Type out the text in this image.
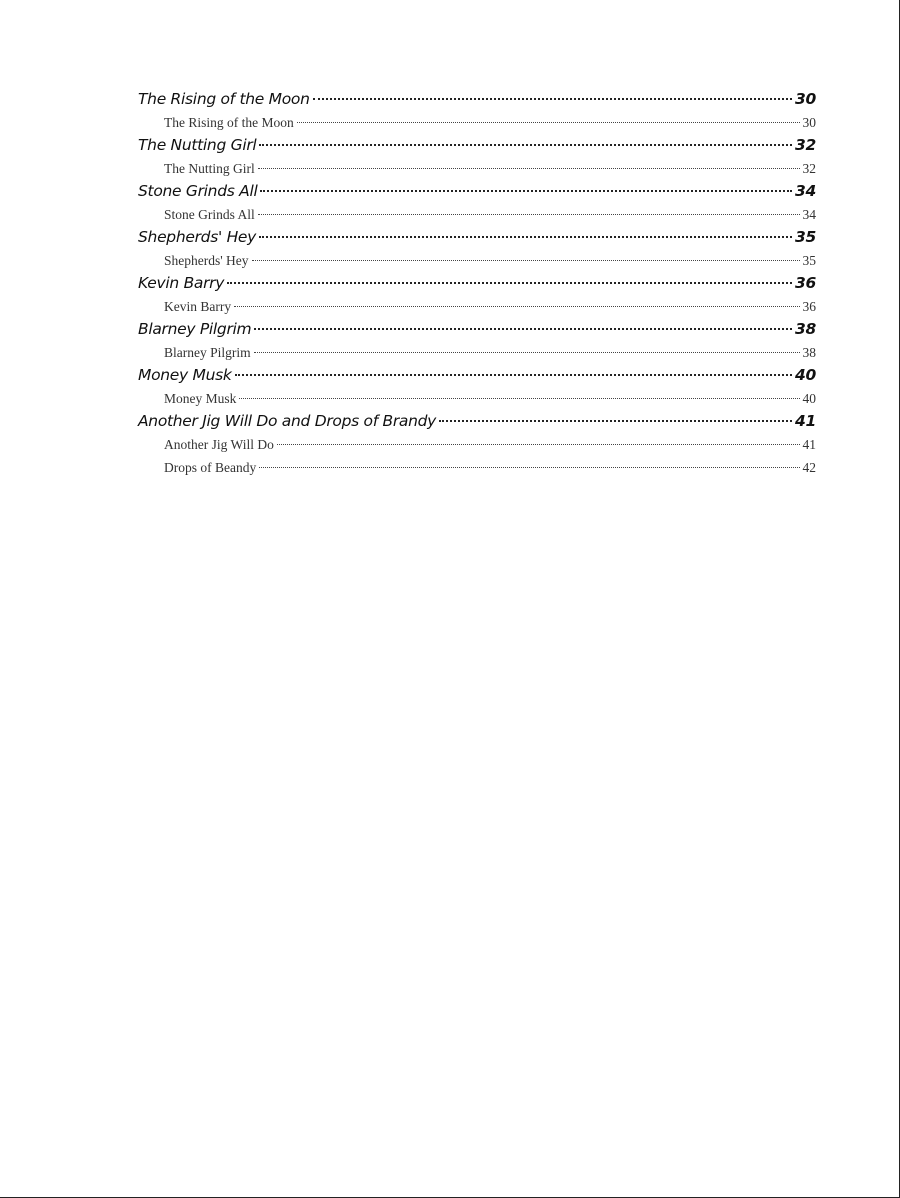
The Rising of the Moon	30
The Rising of the Moon	30
The Nutting Girl	32
The Nutting Girl	32
Stone Grinds All	34
Stone Grinds All	34
Shepherds' Hey	35
Shepherds' Hey	35
Kevin Barry	36
Kevin Barry	36
Blarney Pilgrim	38
Blarney Pilgrim	38
Money Musk	40
Money Musk	40
Another Jig Will Do and Drops of Brandy	41
Another Jig Will Do	41
Drops of Beandy	42
